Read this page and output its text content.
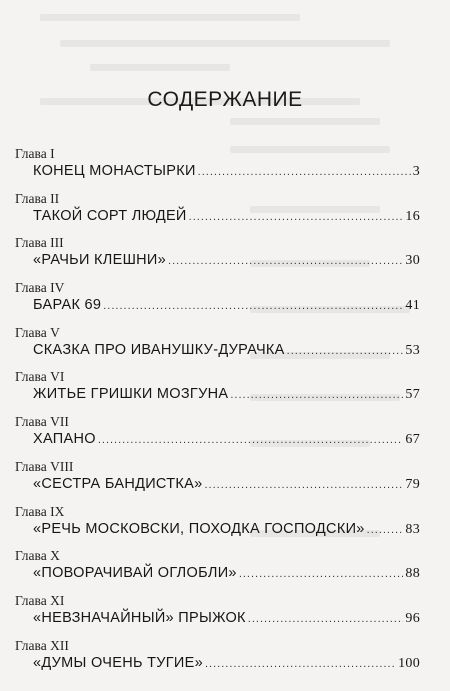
СОДЕРЖАНИЕ
Глава I
КОНЕЦ МОНАСТЫРКИ .....	3
Глава II
ТАКОЙ СОРТ ЛЮДЕЙ .....	16
Глава III
«РАЧЬИ КЛЕШНИ» .....	30
Глава IV
БАРАК 69 .....	41
Глава V
СКАЗКА ПРО ИВАНУШКУ-ДУРАЧКА .....	53
Глава VI
ЖИТЬЕ ГРИШКИ МОЗГУНА .....	57
Глава VII
ХАПАНО .....	67
Глава VIII
«СЕСТРА БАНДИСТКА» .....	79
Глава IX
«РЕЧЬ МОСКОВСКИ, ПОХОДКА ГОСПОДСКИ» .....	83
Глава X
«ПОВОРАЧИВАЙ ОГЛОБЛИ» .....	88
Глава XI
«НЕВЗНАЧАЙНЫЙ» ПРЫЖОК .....	96
Глава XII
«ДУМЫ ОЧЕНЬ ТУГИЕ» .....	100
